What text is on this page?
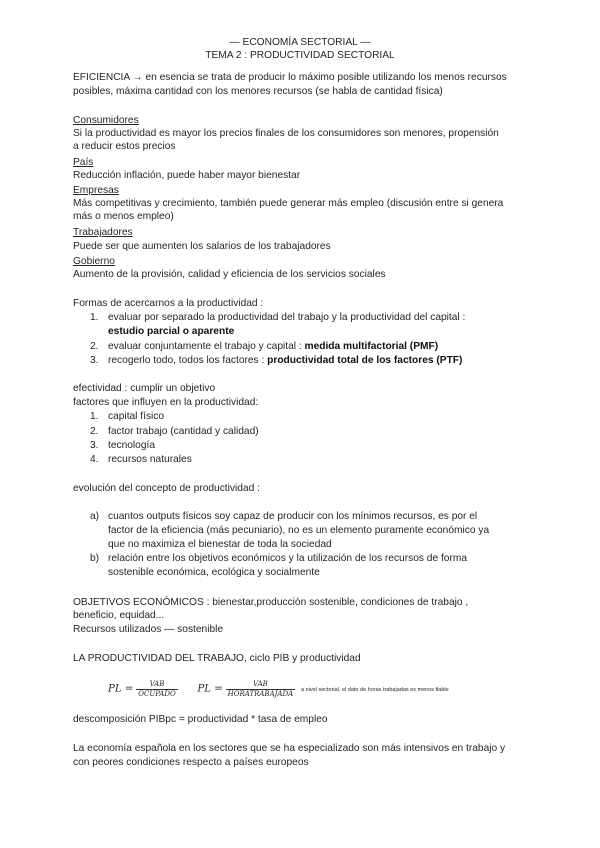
— ECONOMÍA SECTORIAL —
TEMA 2 : PRODUCTIVIDAD SECTORIAL
EFICIENCIA → en esencia se trata de producir lo máximo posible utilizando los menos recursos
posibles, máxima cantidad con los menores recursos (se habla de cantidad física)
Consumidores
Si la productividad es mayor los precios finales de los consumidores son menores, propensión
a reducir estos precios
País
Reducción inflación, puede haber mayor bienestar
Empresas
Más competitivas y crecimiento, también puede generar más empleo (discusión entre si genera
más o menos empleo)
Trabajadores
Puede ser que aumenten los salarios de los trabajadores
Gobierno
Aumento de la provisión, calidad y eficiencia de los servicios sociales
Formas de acercarnos a la productividad :
1. evaluar por separado la productividad del trabajo y la productividad del capital :
estudio parcial o aparente
2. evaluar conjuntamente el trabajo y capital : medida multifactorial (PMF)
3. recogerlo todo, todos los factores : productividad total de los factores (PTF)
efectividad : cumplir un objetivo
factores que influyen en la productividad:
1. capital físico
2. factor trabajo (cantidad y calidad)
3. tecnología
4. recursos naturales
evolución del concepto de productividad :
a) cuantos outputs físicos soy capaz de producir con los mínimos recursos, es por el
factor de la eficiencia (más pecuniario), no es un elemento puramente económico ya
que no maximiza el bienestar de toda la sociedad
b) relación entre los objetivos económicos y la utilización de los recursos de forma
sostenible económica, ecológica y socialmente
OBJETIVOS ECONÓMICOS : bienestar,producción sostenible, condiciones de trabajo ,
beneficio, equidad...
Recursos utilizados — sostenible
LA PRODUCTIVIDAD DEL TRABAJO, ciclo PIB y productividad
PL = $\frac{\text{VAB}}{\text{OCUPADO}}$ PL = $\frac{\text{VAB}}{\text{HORATRABAJADA}}$ a nivel sectorial, el dato de horas trabajadas es menos fiable
descomposición PIBpc = productividad * tasa de empleo
La economía española en los sectores que se ha especializado son más intensivos en trabajo y
con peores condiciones respecto a países europeos
